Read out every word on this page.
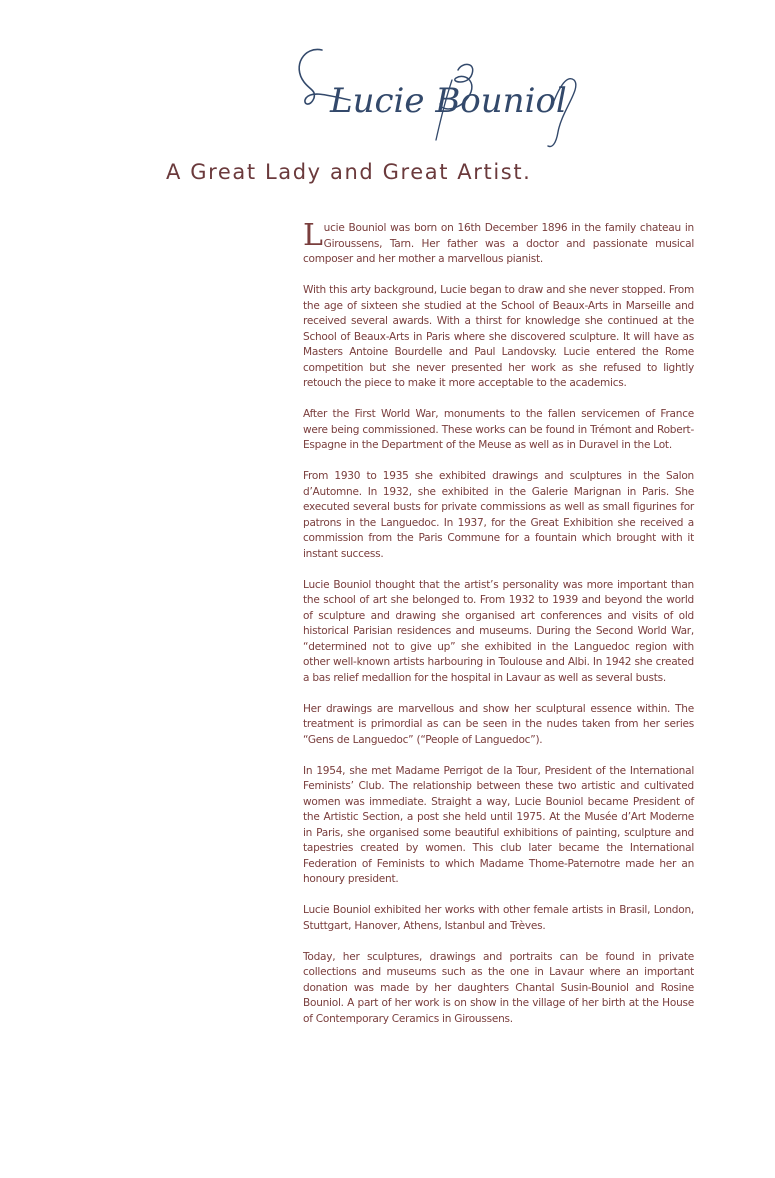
Lucie Bouniol
A Great Lady and Great Artist.

Lucie Bouniol was born on 16th December 1896 in the family chateau in Giroussens, Tarn. Her father was a doctor and passionate musical composer and her mother a marvellous pianist.

With this arty background, Lucie began to draw and she never stopped. From the age of sixteen she studied at the School of Beaux-Arts in Marseille and received several awards. With a thirst for knowledge she continued at the School of Beaux-Arts in Paris where she discovered sculpture. It will have as Masters Antoine Bourdelle and Paul Landovsky. Lucie entered the Rome competition but she never presented her work as she refused to lightly retouch the piece to make it more acceptable to the academics.

After the First World War, monuments to the fallen servicemen of France were being commissioned. These works can be found in Trémont and Robert-Espagne in the Department of the Meuse as well as in Duravel in the Lot.

From 1930 to 1935 she exhibited drawings and sculptures in the Salon d’Automne. In 1932, she exhibited in the Galerie Marignan in Paris. She executed several busts for private commissions as well as small figurines for patrons in the Languedoc. In 1937, for the Great Exhibition she received a commission from the Paris Commune for a fountain which brought with it instant success.

Lucie Bouniol thought that the artist’s personality was more important than the school of art she belonged to. From 1932 to 1939 and beyond the world of sculpture and drawing she organised art conferences and visits of old historical Parisian residences and museums. During the Second World War, “determined not to give up” she exhibited in the Languedoc region with other well-known artists harbouring in Toulouse and Albi. In 1942 she created a bas relief medallion for the hospital in Lavaur as well as several busts.

Her drawings are marvellous and show her sculptural essence within. The treatment is primordial as can be seen in the nudes taken from her series “Gens de Languedoc” (“People of Languedoc”).

In 1954, she met Madame Perrigot de la Tour, President of the International Feminists’ Club. The relationship between these two artistic and cultivated women was immediate. Straight a way, Lucie Bouniol became President of the Artistic Section, a post she held until 1975. At the Musée d’Art Moderne in Paris, she organised some beautiful exhibitions of painting, sculpture and tapestries created by women. This club later became the International Federation of Feminists to which Madame Thome-Paternotre made her an honoury president.

Lucie Bouniol exhibited her works with other female artists in Brasil, London, Stuttgart, Hanover, Athens, Istanbul and Trèves.

Today, her sculptures, drawings and portraits can be found in private collections and museums such as the one in Lavaur where an important donation was made by her daughters Chantal Susin-Bouniol and Rosine Bouniol. A part of her work is on show in the village of her birth at the House of Contemporary Ceramics in Giroussens.
